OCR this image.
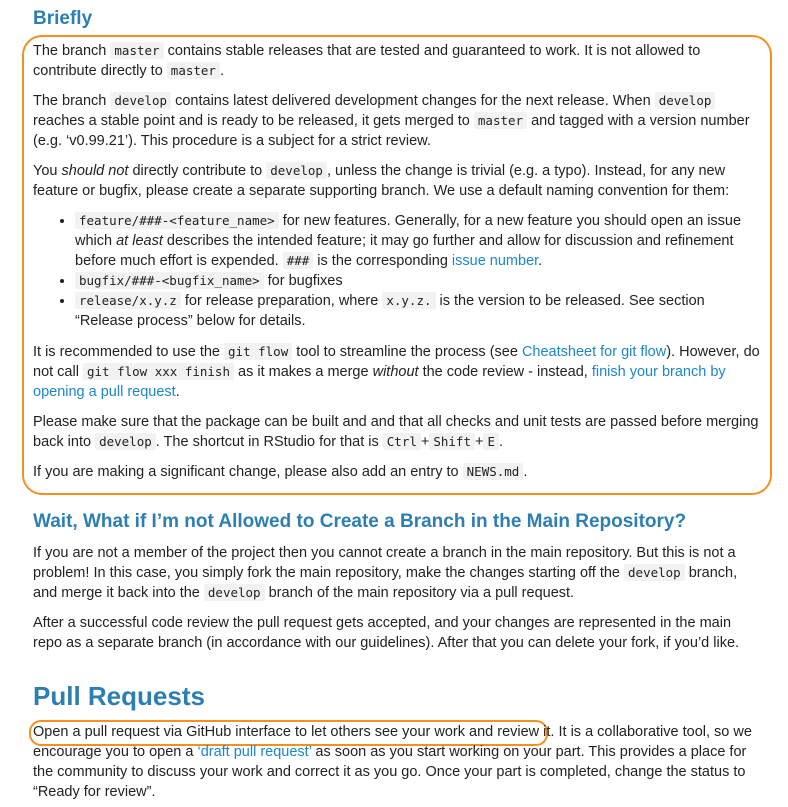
Briefly

The branch master contains stable releases that are tested and guaranteed to work. It is not allowed to contribute directly to master .

The branch develop contains latest delivered development changes for the next release. When develop reaches a stable point and is ready to be released, it gets merged to master and tagged with a version number (e.g. ‘v0.99.21’). This procedure is a subject for a strict review.

You should not directly contribute to develop , unless the change is trivial (e.g. a typo). Instead, for any new feature or bugfix, please create a separate supporting branch. We use a default naming convention for them:

• feature/###-<feature_name> for new features. Generally, for a new feature you should open an issue which at least describes the intended feature; it may go further and allow for discussion and refinement before much effort is expended. ### is the corresponding issue number.
• bugfix/###-<bugfix_name> for bugfixes
• release/x.y.z for release preparation, where x.y.z. is the version to be released. See section “Release process” below for details.

It is recommended to use the git flow tool to streamline the process (see Cheatsheet for git flow). However, do not call git flow xxx finish as it makes a merge without the code review - instead, finish your branch by opening a pull request.

Please make sure that the package can be built and and that all checks and unit tests are passed before merging back into develop . The shortcut in RStudio for that is Ctrl + Shift + E .

If you are making a significant change, please also add an entry to NEWS.md .

Wait, What if I’m not Allowed to Create a Branch in the Main Repository?

If you are not a member of the project then you cannot create a branch in the main repository. But this is not a problem! In this case, you simply fork the main repository, make the changes starting off the develop branch, and merge it back into the develop branch of the main repository via a pull request.

After a successful code review the pull request gets accepted, and your changes are represented in the main repo as a separate branch (in accordance with our guidelines). After that you can delete your fork, if you’d like.

Pull Requests

Open a pull request via GitHub interface to let others see your work and review it. It is a collaborative tool, so we encourage you to open a ‘draft pull request’ as soon as you start working on your part. This provides a place for the community to discuss your work and correct it as you go. Once your part is completed, change the status to “Ready for review”.
